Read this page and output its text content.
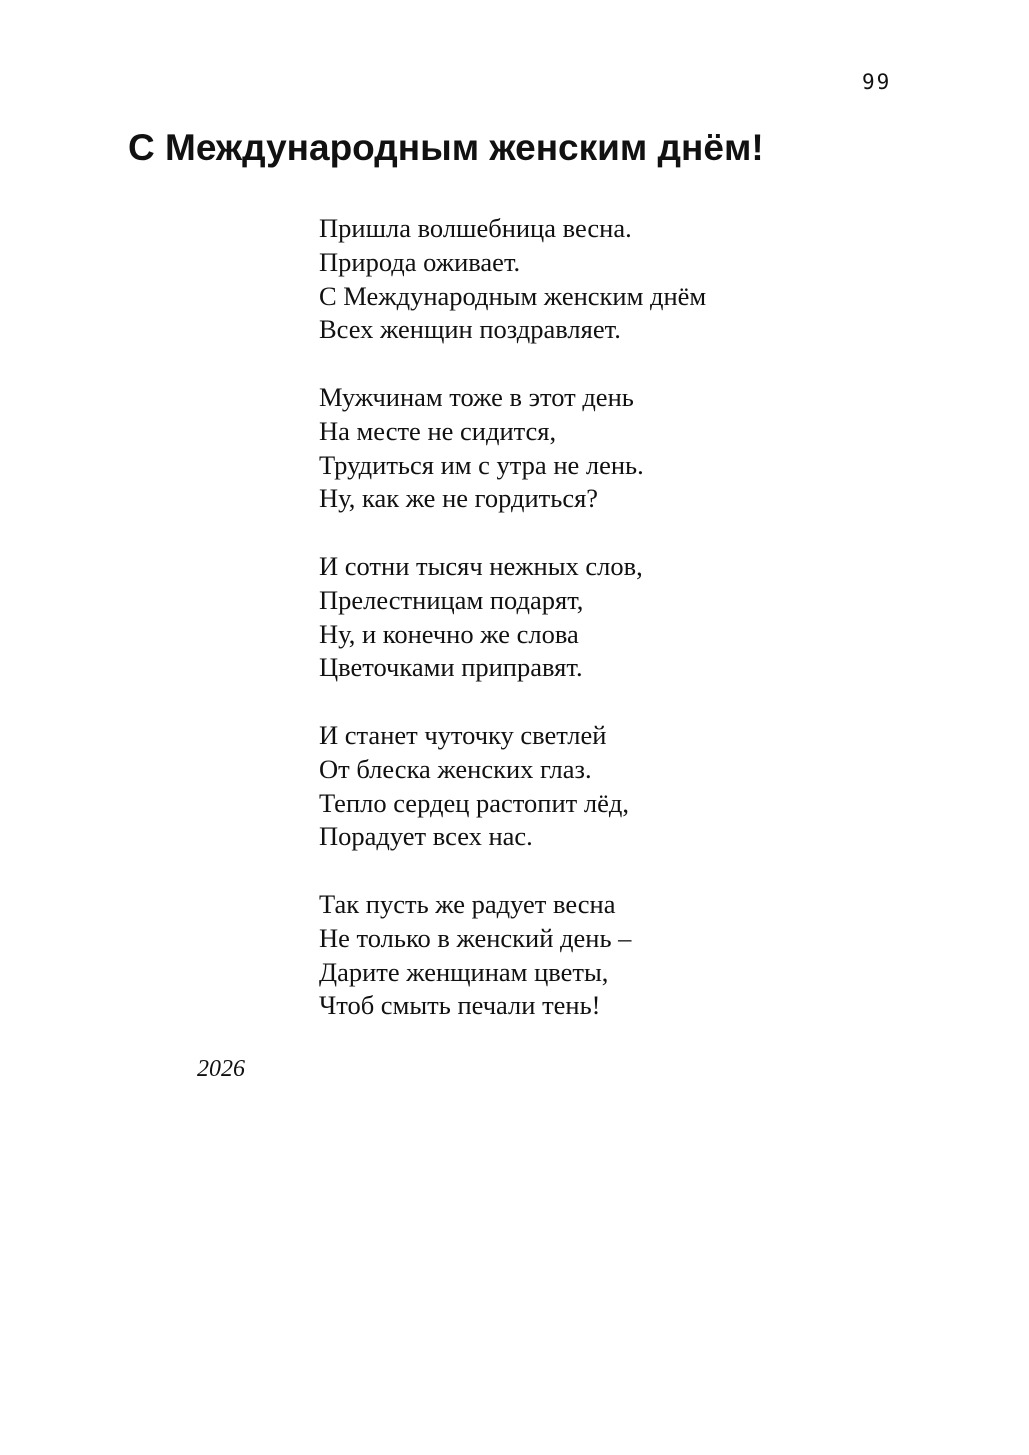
99
С Международным женским днём!

Пришла волшебница весна.
Природа оживает.
С Международным женским днём
Всех женщин поздравляет.

Мужчинам тоже в этот день
На месте не сидится,
Трудиться им с утра не лень.
Ну, как же не гордиться?

И сотни тысяч нежных слов,
Прелестницам подарят,
Ну, и конечно же слова
Цветочками приправят.

И станет чуточку светлей
От блеска женских глаз.
Тепло сердец растопит лёд,
Порадует всех нас.

Так пусть же радует весна
Не только в женский день –
Дарите женщинам цветы,
Чтоб смыть печали тень!

2026
